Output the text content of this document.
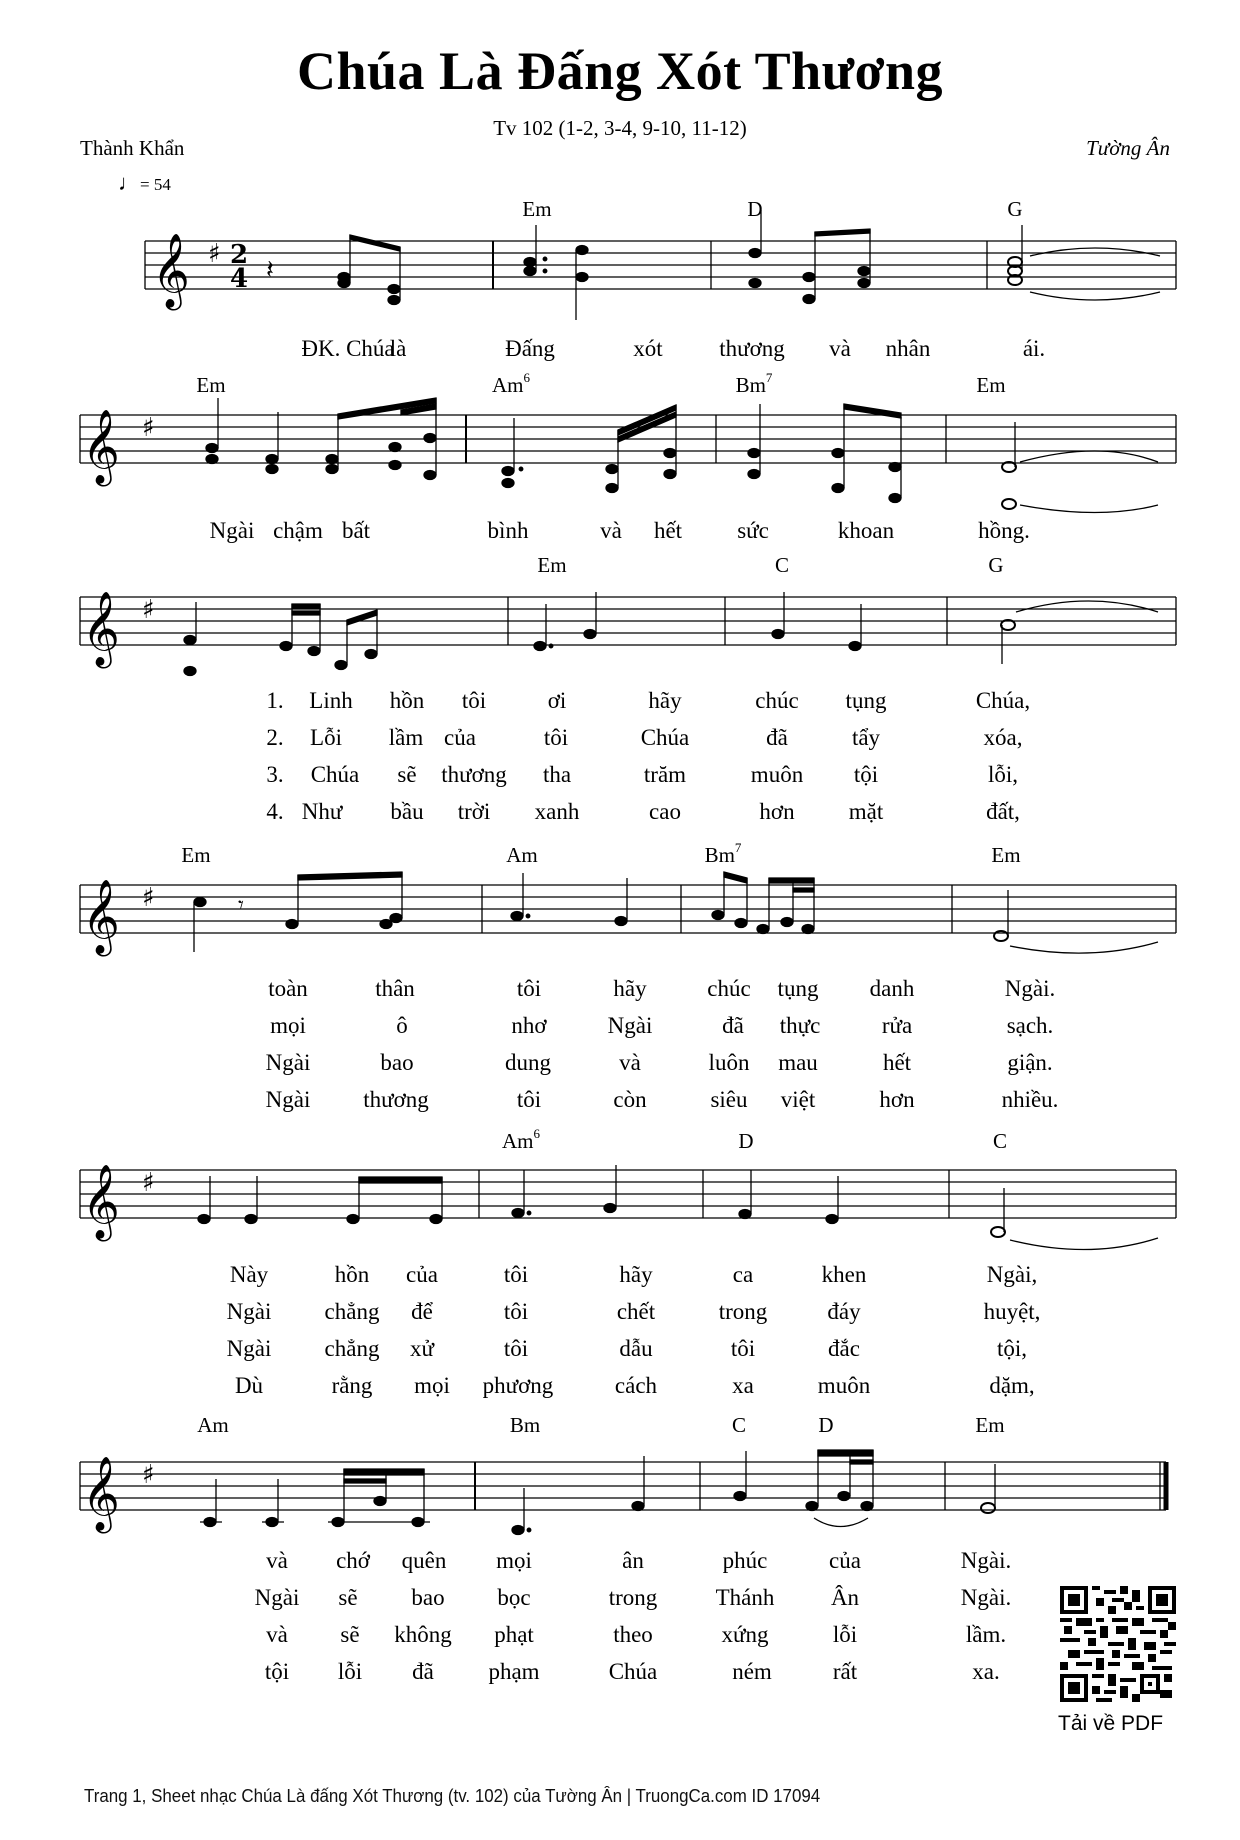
Chúa Là Đấng Xót Thương
Tv 102 (1-2, 3-4, 9-10, 11-12)
Thành Khẩn	Tường Ân
♩= 54
𝄞 ♯ 2
4 𝄽
𝄞 ♯
𝄞 ♯
𝄞 ♯	𝄾
𝄞 ♯
𝄞 ♯
Em	D	G
Em	Am$^6$	Bm$^7$	Em
Em	C	G
Em	Am	Bm$^7$	Em
Am$^6$	D	C
Am	Bm	C	D	Em
ĐK. Chúa
là	Đấng	xót thương và nhân	ái.
Ngài chậm bất	bình	và hết sức	khoan	hồng.
1. Linh hồn tôi	ơi	hãy	chúc tụng	Chúa,
2. Lỗi lầm của	tôi	Chúa	đã	tẩy	xóa,
3. Chúa sẽ thương tha	trăm	muôn tội	lỗi,
4. Như bầu trời xanh	cao	hơn mặt	đất,
toàn	thân	tôi	hãy	chúc tụng danh	Ngài.
mọi	ô	nhơ	Ngài	đã thực	rửa	sạch.
Ngài	bao	dung	và	luôn mau	hết	giận.
Ngài thương	tôi	còn	siêu việt	hơn	nhiều.
Này	hồn của	tôi	hãy	ca	khen	Ngài,
Ngài chẳng để	tôi	chết	trong	đáy	huyệt,
Ngài chẳng xử	tôi	dẫu	tôi	đắc	tội,
Dù	rằng mọi phương	cách	xa	muôn	dặm,
và chớ quên mọi	ân	phúc	của	Ngài.
Ngài sẽ bao bọc	trong	Thánh Ân	Ngài.
và sẽ không phạt	theo	xứng	lỗi	lầm.
tội lỗi đã phạm	Chúa	ném	rất	xa.
Tải về PDF
Trang 1, Sheet nhạc Chúa Là đấng Xót Thương (tv. 102) của Tường Ân | TruongCa.com ID 17094
